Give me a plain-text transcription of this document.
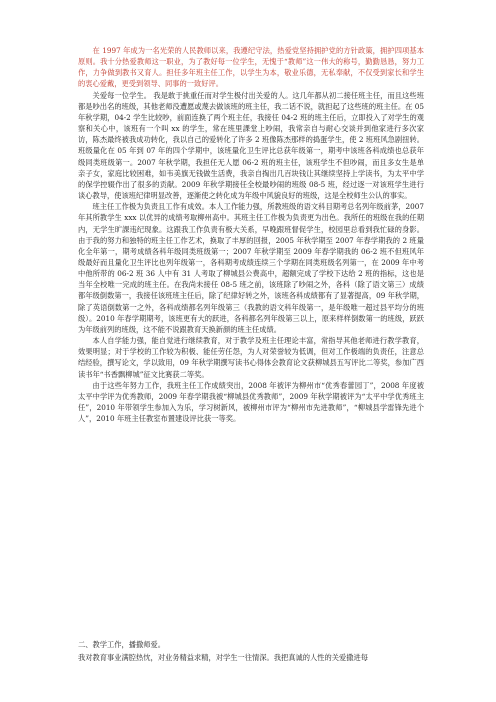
在 1997 年成为一名光荣的人民教师以来，我遵纪守法，热爱党坚持拥护党的方针政策，拥护四项基本原则。我十分热爱教师这一职业，为了教好每一位学生，无愧于“教师”这一伟大的称号，勤勤恳恳，努力工作，力争做到教书又育人。担任多年班主任工作，以学生为本，敬业乐德，无私奉献，不仅受到家长和学生的衷心爱戴，更受到领导、同事的一致好评。

关爱每一位学生。 我是敢于挑重任而对学生极付出关爱的人。这几年都从初二接任班主任，而且这些班都是吵出名的班级，其他老师没遭愿或蔑去做该班的班主任，我二话不说，就担起了这些班的班主任。在 05 年秋学期，04-2 学生比较吵，前面连换了两个班主任，我接任 04-2 班的班主任后，立即投入了对学生的观察和关心中，该班有一个叫 xx 的学生，常在班里課堂上吵闹，我常亲自与耐心交谈并到他家进行多次家访，陈杰最终被我成功转化，我以自己的爱转化了许多 2 班像陈杰那样的捣蛋学生，使 2 班班风急剧扭转。班级量化在 05 年到 07 年的四个学期中，该班量化卫生评比总获年级第一，期考中该班各科成绩也总获年级同类班级第一。2007 年秋学期，我担任无人愿 06-2 班的班主任，该班学生不但吵闹，而且多女生是单亲子女，家庭比较困难，如韦美旗无钱做生活费，我亲自掏出几百块钱让其继续坚持上学读书，为太平中学的保学控辍作出了很多的贡献。2009 年秋学期接任全校最吵闹的班级 08-5 班，经过逐一对该班学生进行谈心教导，使该班纪律明显改善，逐渐使之转化成为年级中风貌良好的班级，这是全校师生公认的事实。

班主任工作极为负责且工作有成效。本人工作能力强，所教班级的语文科目期考总名列年级前茅，2007 年其所教学生 xxx 以优异的成绩考取柳州高中。其班主任工作极为负责更为出色。我所任的班级在我的任期内，无学生旷課违纪现象。这跟我工作负责有极大关系，早晚跟班督促学生，校园里总看到我忙碌的身影。由于我的努力和独特的班主任工作艺术，换取了丰厚的回报，2005 年秋学期至 2007 年春学期我的 2 班量化全年第一，期考成绩各科年级同类班级第一；2007 年秋学期至 2009 年春学期我的 06-2 班不但班风年级最好而且量化卫生评比也列年级第一，各科期考成绩连续三个学期在同类班级名列第一，在 2009 年中考中他所带的 06-2 班 36 人中有 31 人考取了柳城县公费高中，超额完成了学校下达给 2 班的指标，这也是当年全校唯一完成的班主任。在我尚未接任 08-5 班之前，该班除了吵闹之外，各科（除了语文第三）成绩都年级倒数第一，我接任该班班主任后，除了纪律好转之外，该班各科成绩都有了显著提高，09 年秋学期，除了英语倒数第一之外，各科成绩都名列年级第三（我教的语文科年级第一，是年级唯一超过县平均分的班级）。2010 年春学期期考，该班更有大的跃进，各科都名列年级第三以上，原来样样倒数第一的班级，跃跃为年级前列的班级，这不能不说跟教育天换新颜的班主任成绩。

本人自学能力强，能自觉进行继续教育，对于教学及班主任理论丰富，常指导其他老师进行教学教育，效果明显；对于学校的工作较为积极、能任劳任怨，为人对荣誉较为低调，但对工作极端的负责任，注意总结经验，撰写论文，学以致用，09 年秋学期撰写读书心得体会教育论文获柳城县五写评比二等奖，参加广西读书年“书香飘柳城”征文比赛获二等奖。

由于这些年努力工作，我班主任工作成绩突出，2008 年被评为柳州市“优秀春蕾园丁”，2008 年度被太平中学评为优秀教师，2009 年春学期我被“柳城县优秀教师”，2009 年秋学期被评为“太平中学优秀班主任”，2010 年带领学生参加入为乐，学习树新风，被柳州市评为“柳州市先进教师”，“柳城县学雷锋先进个人”，2010 年班主任教室布置建设评比获一等奖。

二、教学工作，播撒师爱。

我对教育事业满腔热忱，对业务精益求精，对学生一往情深。我把真诚的人性的关爱撒进每
